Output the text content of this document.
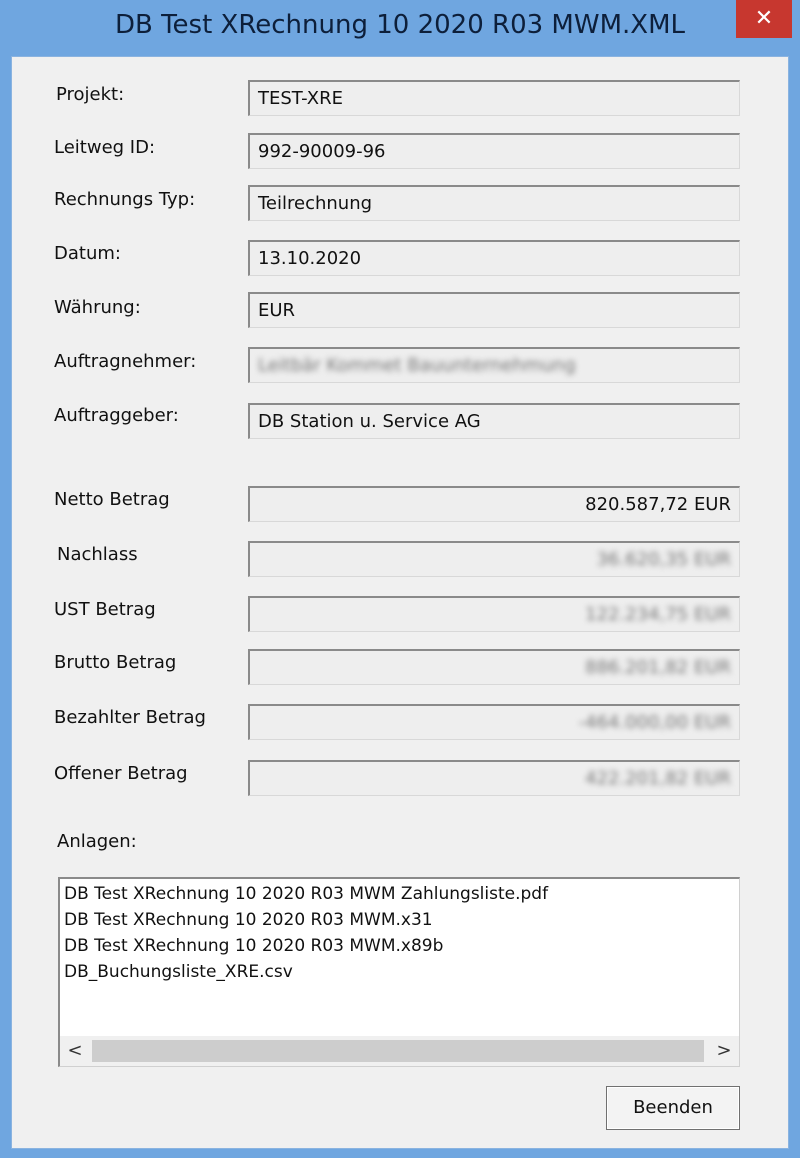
DB Test XRechnung 10 2020 R03 MWM.XML	✕
Projekt:	TEST-XRE
Leitweg ID:	992-90009-96
Rechnungs Typ:	Teilrechnung
Datum:	13.10.2020
Währung:	EUR
Auftragnehmer:	Leitbär Kommet Bauunternehmung
Auftraggeber:	DB Station u. Service AG
Netto Betrag	820.587,72 EUR
Nachlass	36.620,35 EUR
UST Betrag	122.234,75 EUR
Brutto Betrag	886.201,82 EUR
Bezahlter Betrag	-464.000,00 EUR
Offener Betrag	422.201,82 EUR
Anlagen:
DB Test XRechnung 10 2020 R03 MWM Zahlungsliste.pdf
DB Test XRechnung 10 2020 R03 MWM.x31
DB Test XRechnung 10 2020 R03 MWM.x89b
DB_Buchungsliste_XRE.csv
<	>
Beenden
